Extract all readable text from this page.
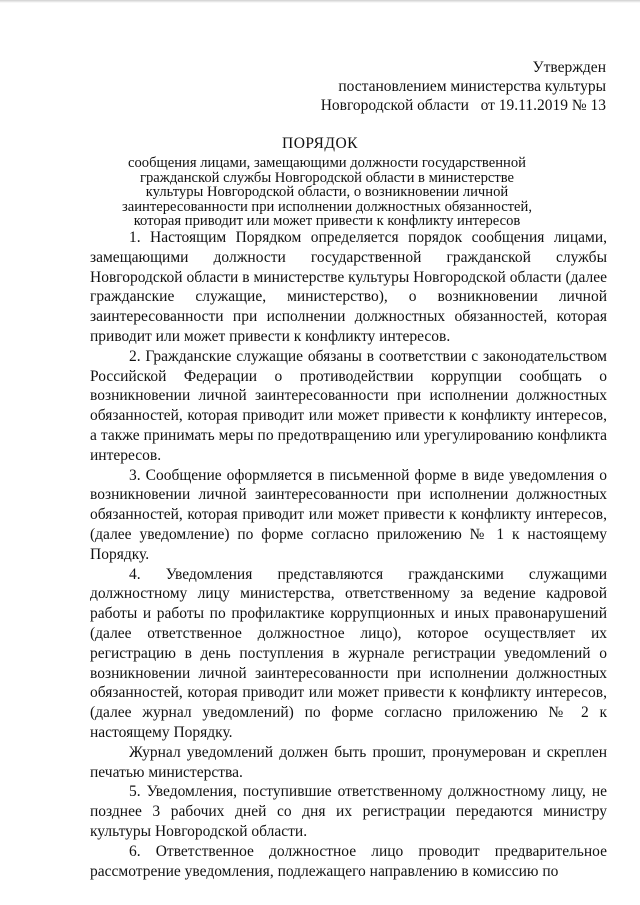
Утвержден
постановлением министерства культуры
Новгородской области   от 19.11.2019 № 13
ПОРЯДОК
сообщения лицами, замещающими должности государственной гражданской службы Новгородской области в министерстве культуры Новгородской области, о возникновении личной заинтересованности при исполнении должностных обязанностей, которая приводит или может привести к конфликту интересов

1. Настоящим Порядком определяется порядок сообщения лицами, замещающими должности государственной гражданской службы Новгородской области в министерстве культуры Новгородской области (далее гражданские служащие, министерство), о возникновении личной заинтересованности при исполнении должностных обязанностей, которая приводит или может привести к конфликту интересов.

2. Гражданские служащие обязаны в соответствии с законодательством Российской Федерации о противодействии коррупции сообщать о возникновении личной заинтересованности при исполнении должностных обязанностей, которая приводит или может привести к конфликту интересов, а также принимать меры по предотвращению или урегулированию конфликта интересов.

3. Сообщение оформляется в письменной форме в виде уведомления о возникновении личной заинтересованности при исполнении должностных обязанностей, которая приводит или может привести к конфликту интересов, (далее уведомление) по форме согласно приложению № 1 к настоящему Порядку.

4. Уведомления представляются гражданскими служащими должностному лицу министерства, ответственному за ведение кадровой работы и работы по профилактике коррупционных и иных правонарушений (далее ответственное должностное лицо), которое осуществляет их регистрацию в день поступления в журнале регистрации уведомлений о возникновении личной заинтересованности при исполнении должностных обязанностей, которая приводит или может привести к конфликту интересов, (далее журнал уведомлений) по форме согласно приложению № 2 к настоящему Порядку.

Журнал уведомлений должен быть прошит, пронумерован и скреплен печатью министерства.

5. Уведомления, поступившие ответственному должностному лицу, не позднее 3 рабочих дней со дня их регистрации передаются министру культуры Новгородской области.

6. Ответственное должностное лицо проводит предварительное рассмотрение уведомления, подлежащего направлению в комиссию по
